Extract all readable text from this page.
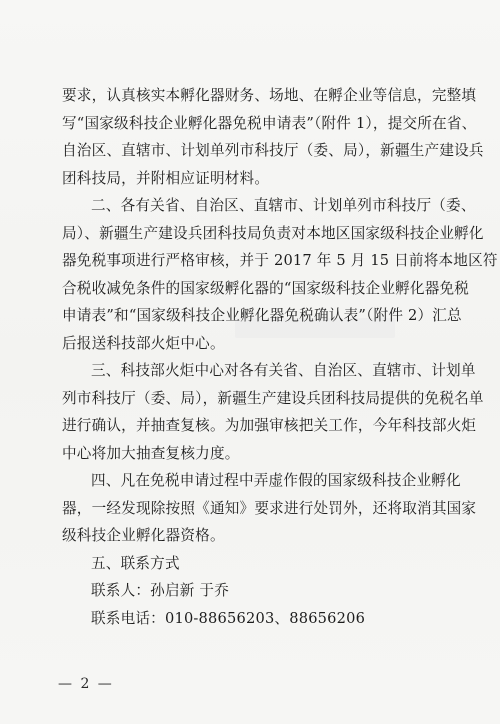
要求，认真核实本孵化器财务、场地、在孵企业等信息，完整填
写“国家级科技企业孵化器免税申请表”（附件 1），提交所在省、
自治区、直辖市、计划单列市科技厅（委、局），新疆生产建设兵
团科技局，并附相应证明材料。
二、各有关省、自治区、直辖市、计划单列市科技厅（委、
局）、新疆生产建设兵团科技局负责对本地区国家级科技企业孵化
器免税事项进行严格审核，并于 2017 年 5 月 15 日前将本地区符
合税收减免条件的国家级孵化器的“国家级科技企业孵化器免税
申请表”和“国家级科技企业孵化器免税确认表”（附件 2）汇总
后报送科技部火炬中心。
三、科技部火炬中心对各有关省、自治区、直辖市、计划单
列市科技厅（委、局），新疆生产建设兵团科技局提供的免税名单
进行确认，并抽查复核。为加强审核把关工作，今年科技部火炬
中心将加大抽查复核力度。
四、凡在免税申请过程中弄虚作假的国家级科技企业孵化
器，一经发现除按照《通知》要求进行处罚外，还将取消其国家
级科技企业孵化器资格。
五、联系方式
联系人：孙启新 于乔
联系电话：010-88656203、88656206
— 2 —
